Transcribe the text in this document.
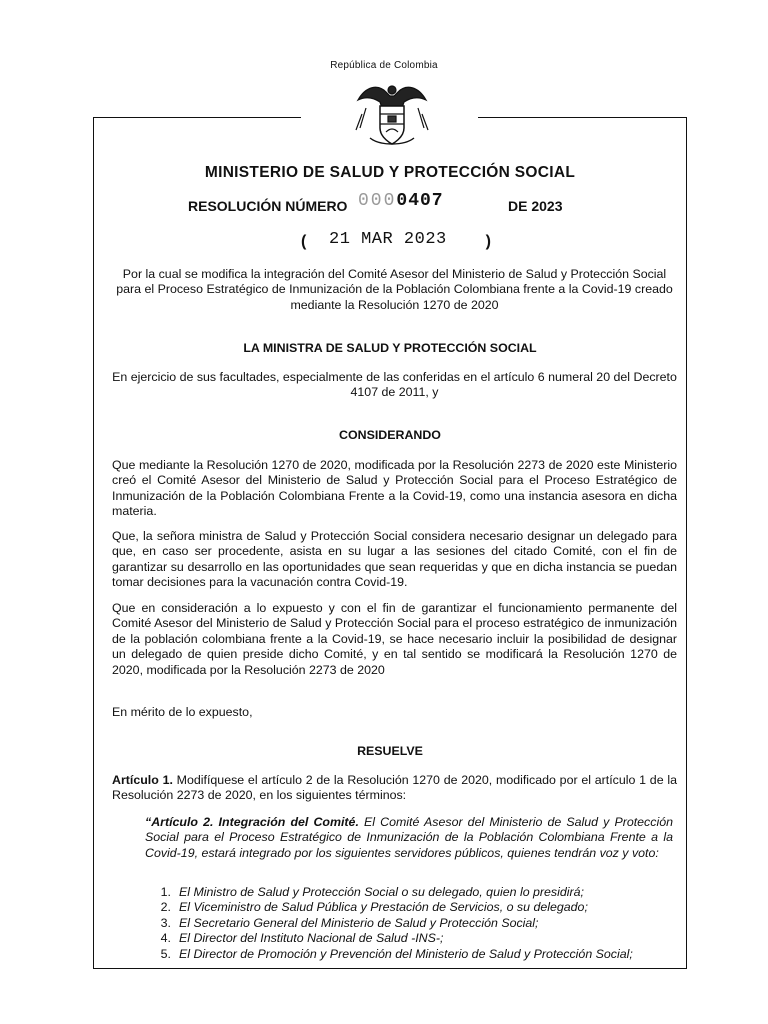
República de Colombia
MINISTERIO DE SALUD Y PROTECCIÓN SOCIAL
RESOLUCIÓN NÚMERO 0000407	DE 2023
( 21 MAR 2023 )
Por la cual se modifica la integración del Comité Asesor del Ministerio de Salud y Protección Social para el Proceso Estratégico de Inmunización de la Población Colombiana frente a la Covid-19 creado mediante la Resolución 1270 de 2020
LA MINISTRA DE SALUD Y PROTECCIÓN SOCIAL
En ejercicio de sus facultades, especialmente de las conferidas en el artículo 6 numeral 20 del Decreto 4107 de 2011, y
CONSIDERANDO
Que mediante la Resolución 1270 de 2020, modificada por la Resolución 2273 de 2020 este Ministerio creó el Comité Asesor del Ministerio de Salud y Protección Social para el Proceso Estratégico de Inmunización de la Población Colombiana Frente a la Covid-19, como una instancia asesora en dicha materia.
Que, la señora ministra de Salud y Protección Social considera necesario designar un delegado para que, en caso ser procedente, asista en su lugar a las sesiones del citado Comité, con el fin de garantizar su desarrollo en las oportunidades que sean requeridas y que en dicha instancia se puedan tomar decisiones para la vacunación contra Covid-19.
Que en consideración a lo expuesto y con el fin de garantizar el funcionamiento permanente del Comité Asesor del Ministerio de Salud y Protección Social para el proceso estratégico de inmunización de la población colombiana frente a la Covid-19, se hace necesario incluir la posibilidad de designar un delegado de quien preside dicho Comité, y en tal sentido se modificará la Resolución 1270 de 2020, modificada por la Resolución 2273 de 2020
En mérito de lo expuesto,
RESUELVE
Artículo 1. Modifíquese el artículo 2 de la Resolución 1270 de 2020, modificado por el artículo 1 de la Resolución 2273 de 2020, en los siguientes términos:
“Artículo 2. Integración del Comité. El Comité Asesor del Ministerio de Salud y Protección Social para el Proceso Estratégico de Inmunización de la Población Colombiana Frente a la Covid-19, estará integrado por los siguientes servidores públicos, quienes tendrán voz y voto:
1. El Ministro de Salud y Protección Social o su delegado, quien lo presidirá;
2. El Viceministro de Salud Pública y Prestación de Servicios, o su delegado;
3. El Secretario General del Ministerio de Salud y Protección Social;
4. El Director del Instituto Nacional de Salud -INS-;
5. El Director de Promoción y Prevención del Ministerio de Salud y Protección Social;
